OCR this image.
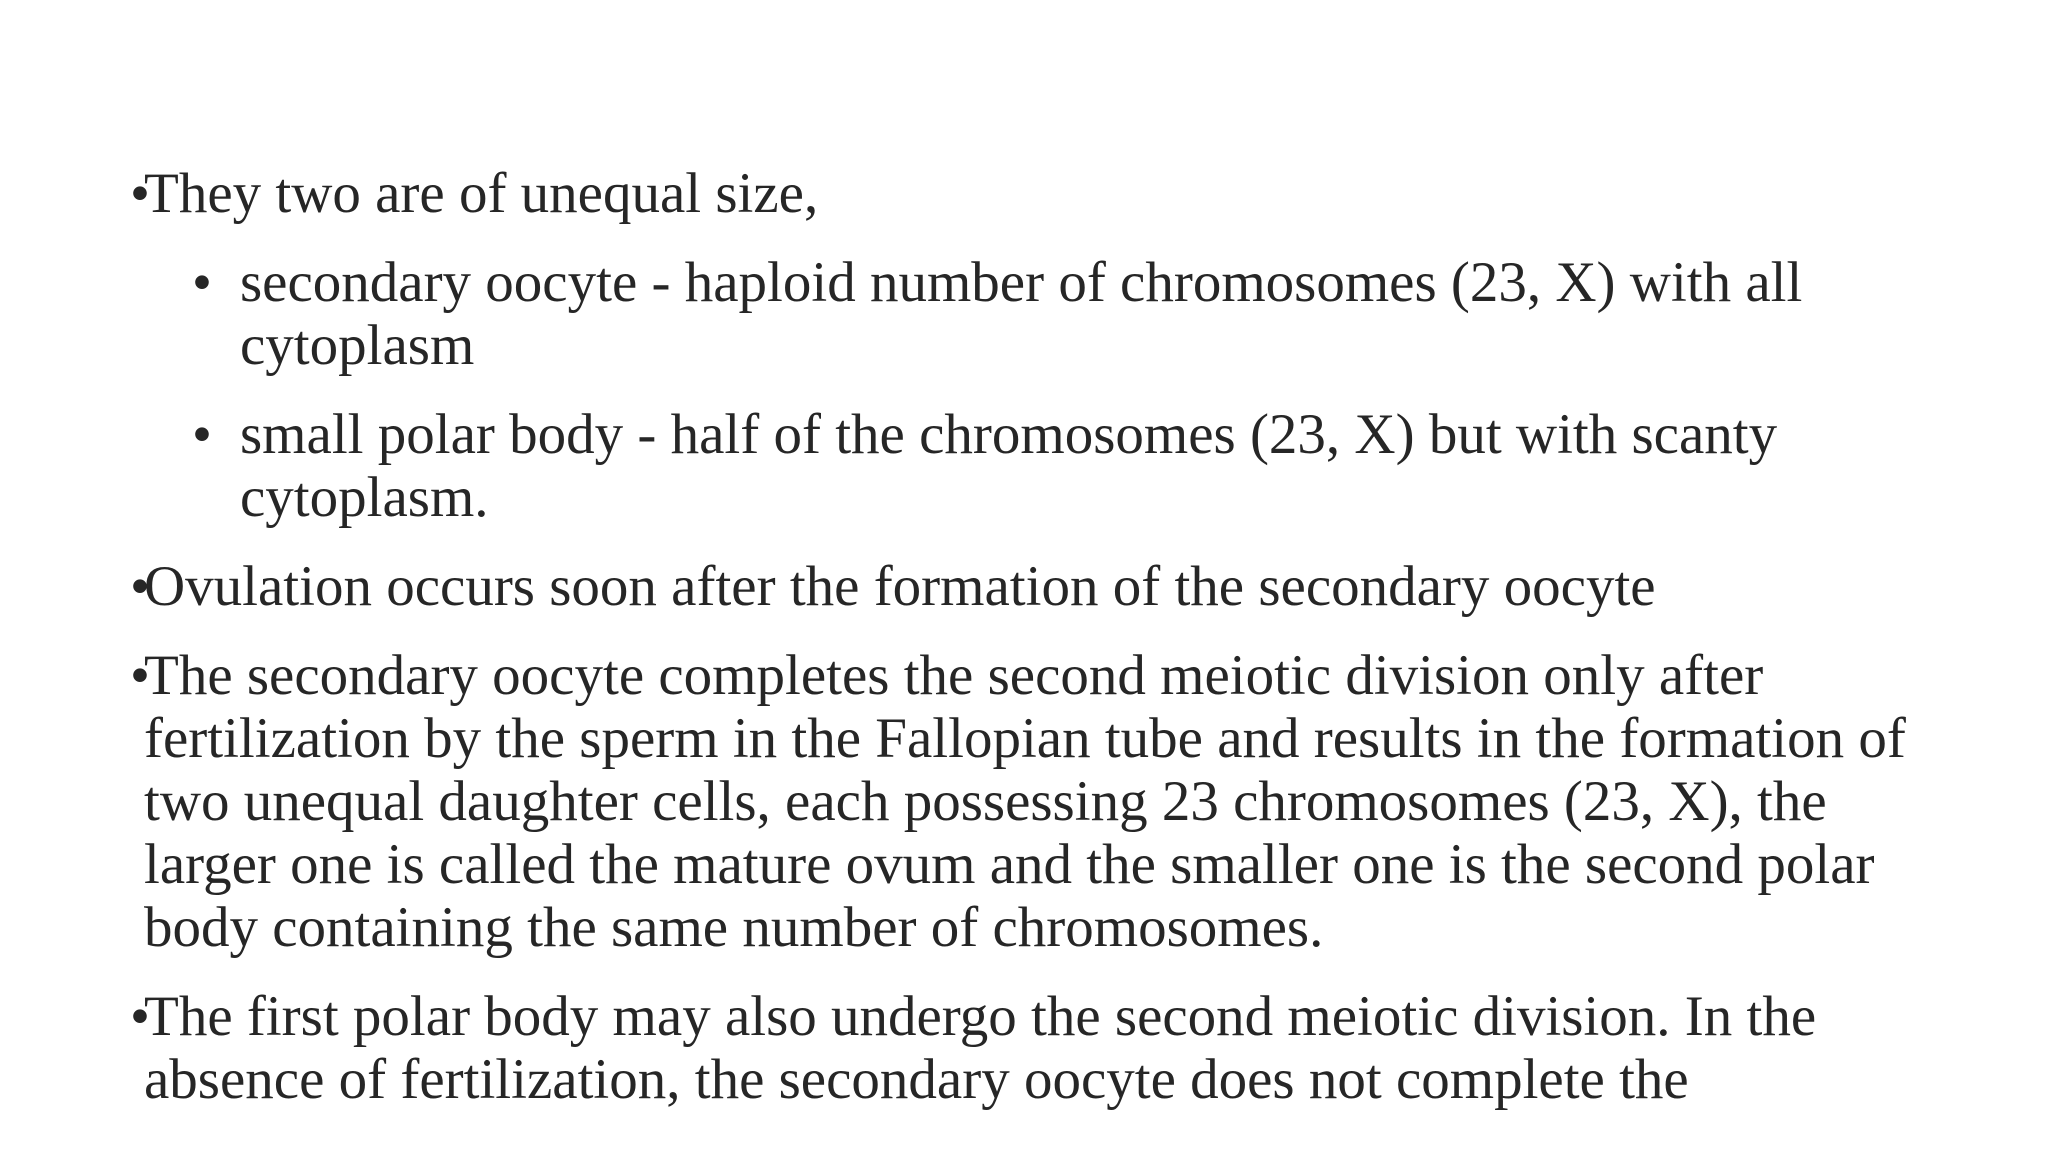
•
They two are of unequal size,
• secondary oocyte - haploid number of chromosomes (23, X) with all cytoplasm
• small polar body - half of the chromosomes (23, X) but with scanty cytoplasm.
•
Ovulation occurs soon after the formation of the secondary oocyte
•
The secondary oocyte completes the second meiotic division only after fertilization by the sperm in the Fallopian tube and results in the formation of two unequal daughter cells, each possessing 23 chromosomes (23, X), the larger one is called the mature ovum and the smaller one is the second polar body containing the same number of chromosomes.
•
The first polar body may also undergo the second meiotic division. In the absence of fertilization, the secondary oocyte does not complete the
